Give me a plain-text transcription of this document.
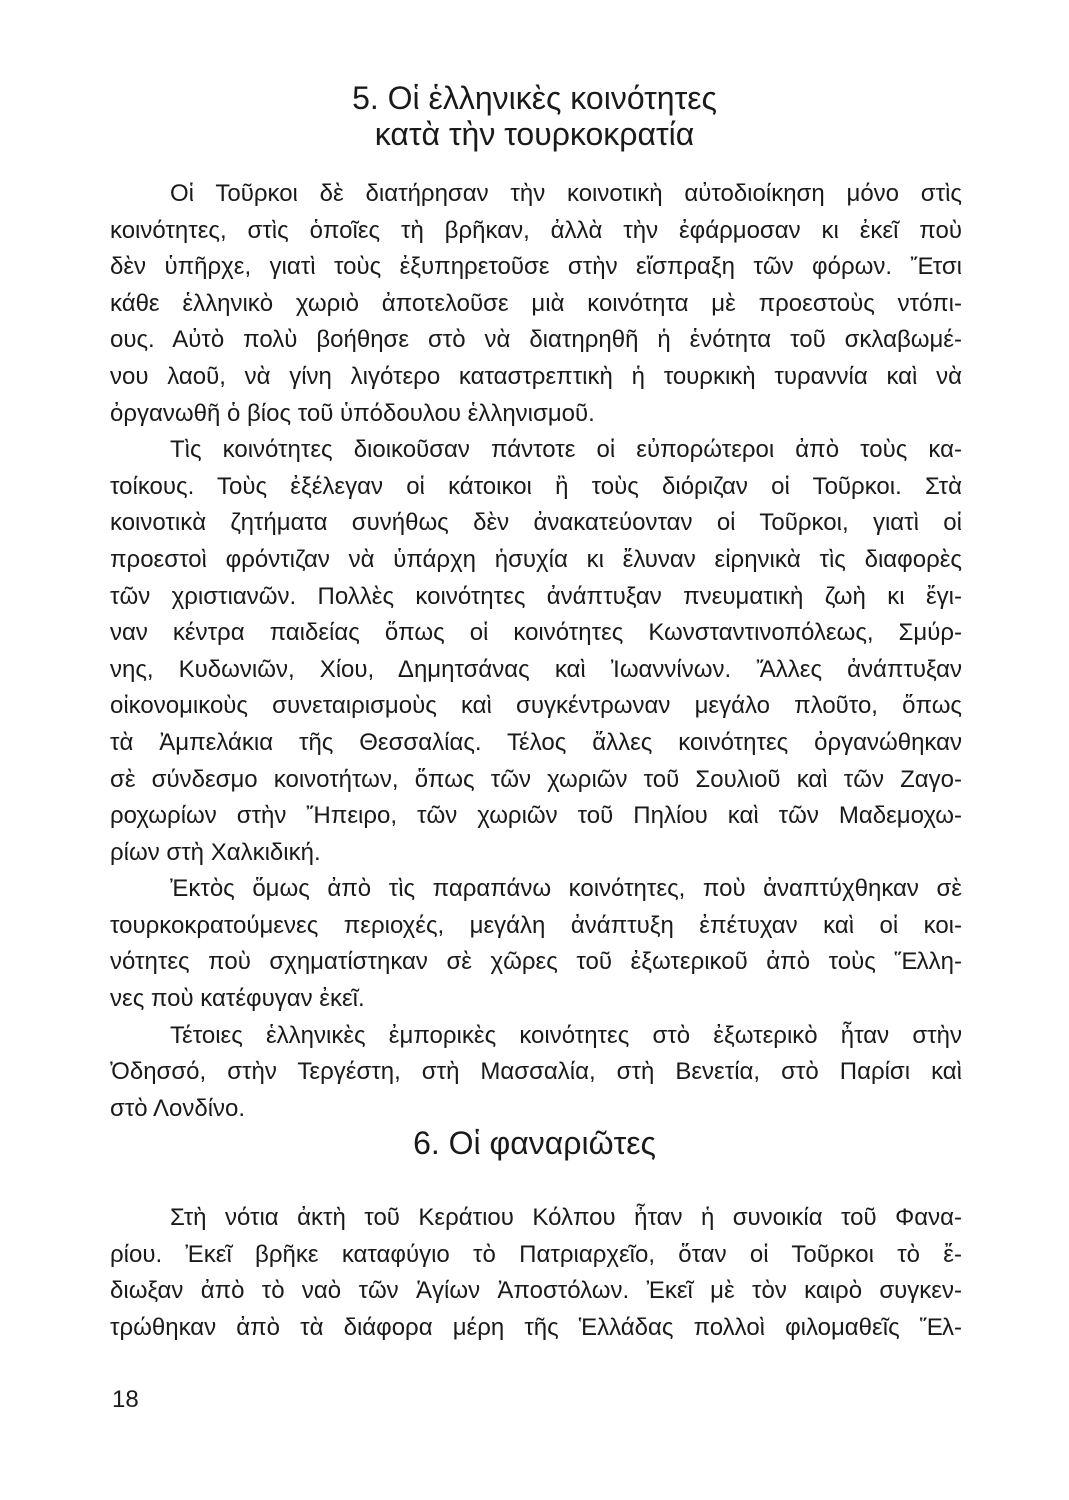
5. Οἱ ἑλληνικὲς κοινότητες
κατὰ τὴν τουρκοκρατία
Οἱ Τοῦρκοι δὲ διατήρησαν τὴν κοινοτικὴ αὐτοδιοίκηση μόνο στὶς
κοινότητες, στὶς ὁποῖες τὴ βρῆκαν, ἀλλὰ τὴν ἐφάρμοσαν κι ἐκεῖ ποὺ
δὲν ὑπῆρχε, γιατὶ τοὺς ἐξυπηρετοῦσε στὴν εἴσπραξη τῶν φόρων. Ἔτσι
κάθε ἑλληνικὸ χωριὸ ἀποτελοῦσε μιὰ κοινότητα μὲ προεστοὺς ντόπι-
ους. Αὐτὸ πολὺ βοήθησε στὸ νὰ διατηρηθῆ ἡ ἑνότητα τοῦ σκλαβωμέ-
νου λαοῦ, νὰ γίνη λιγότερο καταστρεπτικὴ ἡ τουρκικὴ τυραννία καὶ νὰ
ὀργανωθῆ ὁ βίος τοῦ ὑπόδουλου ἑλληνισμοῦ.
Τὶς κοινότητες διοικοῦσαν πάντοτε οἱ εὐπορώτεροι ἀπὸ τοὺς κα-
τοίκους. Τοὺς ἐξέλεγαν οἱ κάτοικοι ἢ τοὺς διόριζαν οἱ Τοῦρκοι. Στὰ
κοινοτικὰ ζητήματα συνήθως δὲν ἀνακατεύονταν οἱ Τοῦρκοι, γιατὶ οἱ
προεστοὶ φρόντιζαν νὰ ὑπάρχη ἡσυχία κι ἔλυναν εἰρηνικὰ τὶς διαφορὲς
τῶν χριστιανῶν. Πολλὲς κοινότητες ἀνάπτυξαν πνευματικὴ ζωὴ κι ἔγι-
ναν κέντρα παιδείας ὅπως οἱ κοινότητες Κωνσταντινοπόλεως, Σμύρ-
νης, Κυδωνιῶν, Χίου, Δημητσάνας καὶ Ἰωαννίνων. Ἄλλες ἀνάπτυξαν
οἰκονομικοὺς συνεταιρισμοὺς καὶ συγκέντρωναν μεγάλο πλοῦτο, ὅπως
τὰ Ἀμπελάκια τῆς Θεσσαλίας. Τέλος ἄλλες κοινότητες ὀργανώθηκαν
σὲ σύνδεσμο κοινοτήτων, ὅπως τῶν χωριῶν τοῦ Σουλιοῦ καὶ τῶν Ζαγο-
ροχωρίων στὴν Ἤπειρο, τῶν χωριῶν τοῦ Πηλίου καὶ τῶν Μαδεμοχω-
ρίων στὴ Χαλκιδική.
Ἐκτὸς ὅμως ἀπὸ τὶς παραπάνω κοινότητες, ποὺ ἀναπτύχθηκαν σὲ
τουρκοκρατούμενες περιοχές, μεγάλη ἀνάπτυξη ἐπέτυχαν καὶ οἱ κοι-
νότητες ποὺ σχηματίστηκαν σὲ χῶρες τοῦ ἐξωτερικοῦ ἀπὸ τοὺς Ἕλλη-
νες ποὺ κατέφυγαν ἐκεῖ.
Τέτοιες ἑλληνικὲς ἐμπορικὲς κοινότητες στὸ ἐξωτερικὸ ἦταν στὴν
Ὀδησσό, στὴν Τεργέστη, στὴ Μασσαλία, στὴ Βενετία, στὸ Παρίσι καὶ
στὸ Λονδίνο.
6. Οἱ φαναριῶτες
Στὴ νότια ἀκτὴ τοῦ Κεράτιου Κόλπου ἦταν ἡ συνοικία τοῦ Φανα-
ρίου. Ἐκεῖ βρῆκε καταφύγιο τὸ Πατριαρχεῖο, ὅταν οἱ Τοῦρκοι τὸ ἔ-
διωξαν ἀπὸ τὸ ναὸ τῶν Ἁγίων Ἀποστόλων. Ἐκεῖ μὲ τὸν καιρὸ συγκεν-
τρώθηκαν ἀπὸ τὰ διάφορα μέρη τῆς Ἑλλάδας πολλοὶ φιλομαθεῖς Ἕλ-
18
